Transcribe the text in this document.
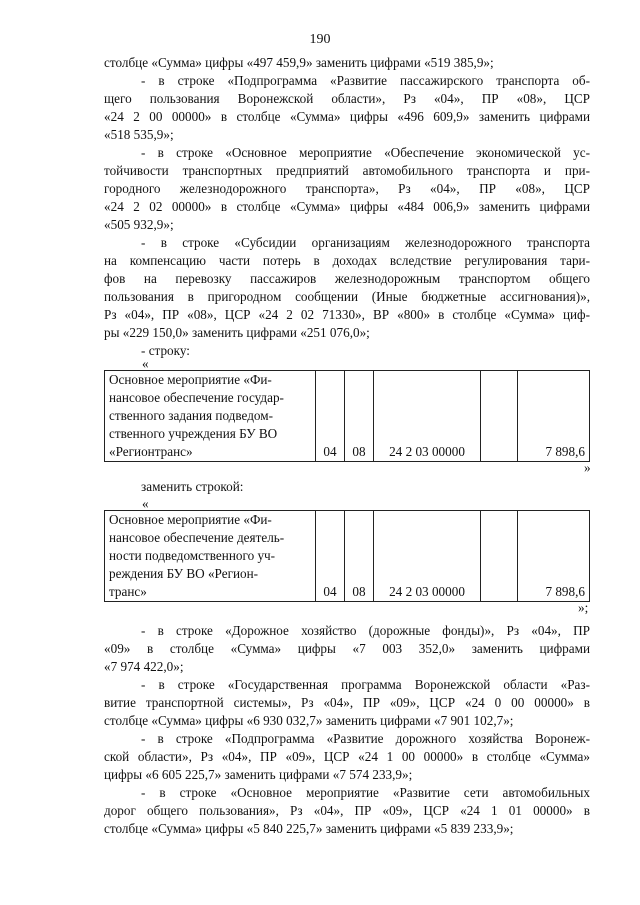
190
столбце «Сумма» цифры «497 459,9» заменить цифрами «519 385,9»;
- в строке «Подпрограмма «Развитие пассажирского транспорта об-
щего пользования Воронежской области», Рз «04», ПР «08», ЦСР
«24 2 00 00000» в столбце «Сумма» цифры «496 609,9» заменить цифрами
«518 535,9»;
- в строке «Основное мероприятие «Обеспечение экономической ус-
тойчивости транспортных предприятий автомобильного транспорта и при-
городного железнодорожного транспорта», Рз «04», ПР «08», ЦСР
«24 2 02 00000» в столбце «Сумма» цифры «484 006,9» заменить цифрами
«505 932,9»;
- в строке «Субсидии организациям железнодорожного транспорта
на компенсацию части потерь в доходах вследствие регулирования тари-
фов на перевозку пассажиров железнодорожным транспортом общего
пользования в пригородном сообщении (Иные бюджетные ассигнования)»,
Рз «04», ПР «08», ЦСР «24 2 02 71330», ВР «800» в столбце «Сумма» циф-
ры «229 150,0» заменить цифрами «251 076,0»;
- строку:
«
Основное мероприятие «Фи-
нансовое обеспечение государ-
ственного задания подведом-
ственного учреждения БУ ВО
«Регионтранс»	04	08	24 2 03 00000		7 898,6
»
заменить строкой:
«
Основное мероприятие «Фи-
нансовое обеспечение деятель-
ности подведомственного уч-
реждения БУ ВО «Регион-
транс»	04	08	24 2 03 00000		7 898,6
»;
- в строке «Дорожное хозяйство (дорожные фонды)», Рз «04», ПР
«09» в столбце «Сумма» цифры «7 003 352,0» заменить цифрами
«7 974 422,0»;
- в строке «Государственная программа Воронежской области «Раз-
витие транспортной системы», Рз «04», ПР «09», ЦСР «24 0 00 00000» в
столбце «Сумма» цифры «6 930 032,7» заменить цифрами «7 901 102,7»;
- в строке «Подпрограмма «Развитие дорожного хозяйства Воронеж-
ской области», Рз «04», ПР «09», ЦСР «24 1 00 00000» в столбце «Сумма»
цифры «6 605 225,7» заменить цифрами «7 574 233,9»;
- в строке «Основное мероприятие «Развитие сети автомобильных
дорог общего пользования», Рз «04», ПР «09», ЦСР «24 1 01 00000» в
столбце «Сумма» цифры «5 840 225,7» заменить цифрами «5 839 233,9»;
